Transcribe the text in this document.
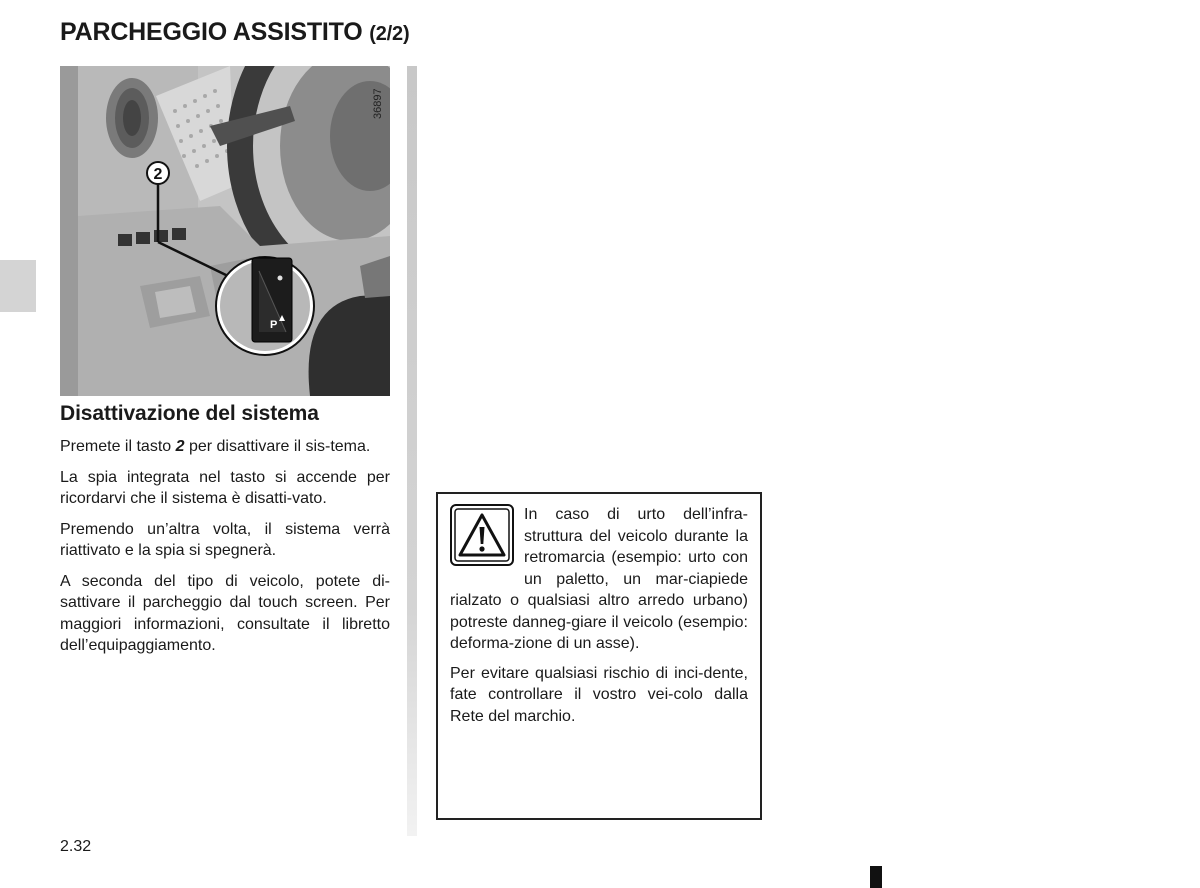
PARCHEGGIO ASSISTITO (2/2)
2
P
36897
Disattivazione del sistema

Premete il tasto 2 per disattivare il sis-tema.

La spia integrata nel tasto si accende per ricordarvi che il sistema è disatti-vato.

Premendo un’altra volta, il sistema verrà riattivato e la spia si spegnerà.

A seconda del tipo di veicolo, potete di-sattivare il parcheggio dal touch screen. Per maggiori informazioni, consultate il libretto dell’equipaggiamento.

In caso di urto dell’infra-struttura del veicolo durante la retromarcia (esempio: urto con un paletto, un mar-ciapiede rialzato o qualsiasi altro arredo urbano) potreste danneg-giare il veicolo (esempio: deforma-zione di un asse).

Per evitare qualsiasi rischio di inci-dente, fate controllare il vostro vei-colo dalla Rete del marchio.

2.32
